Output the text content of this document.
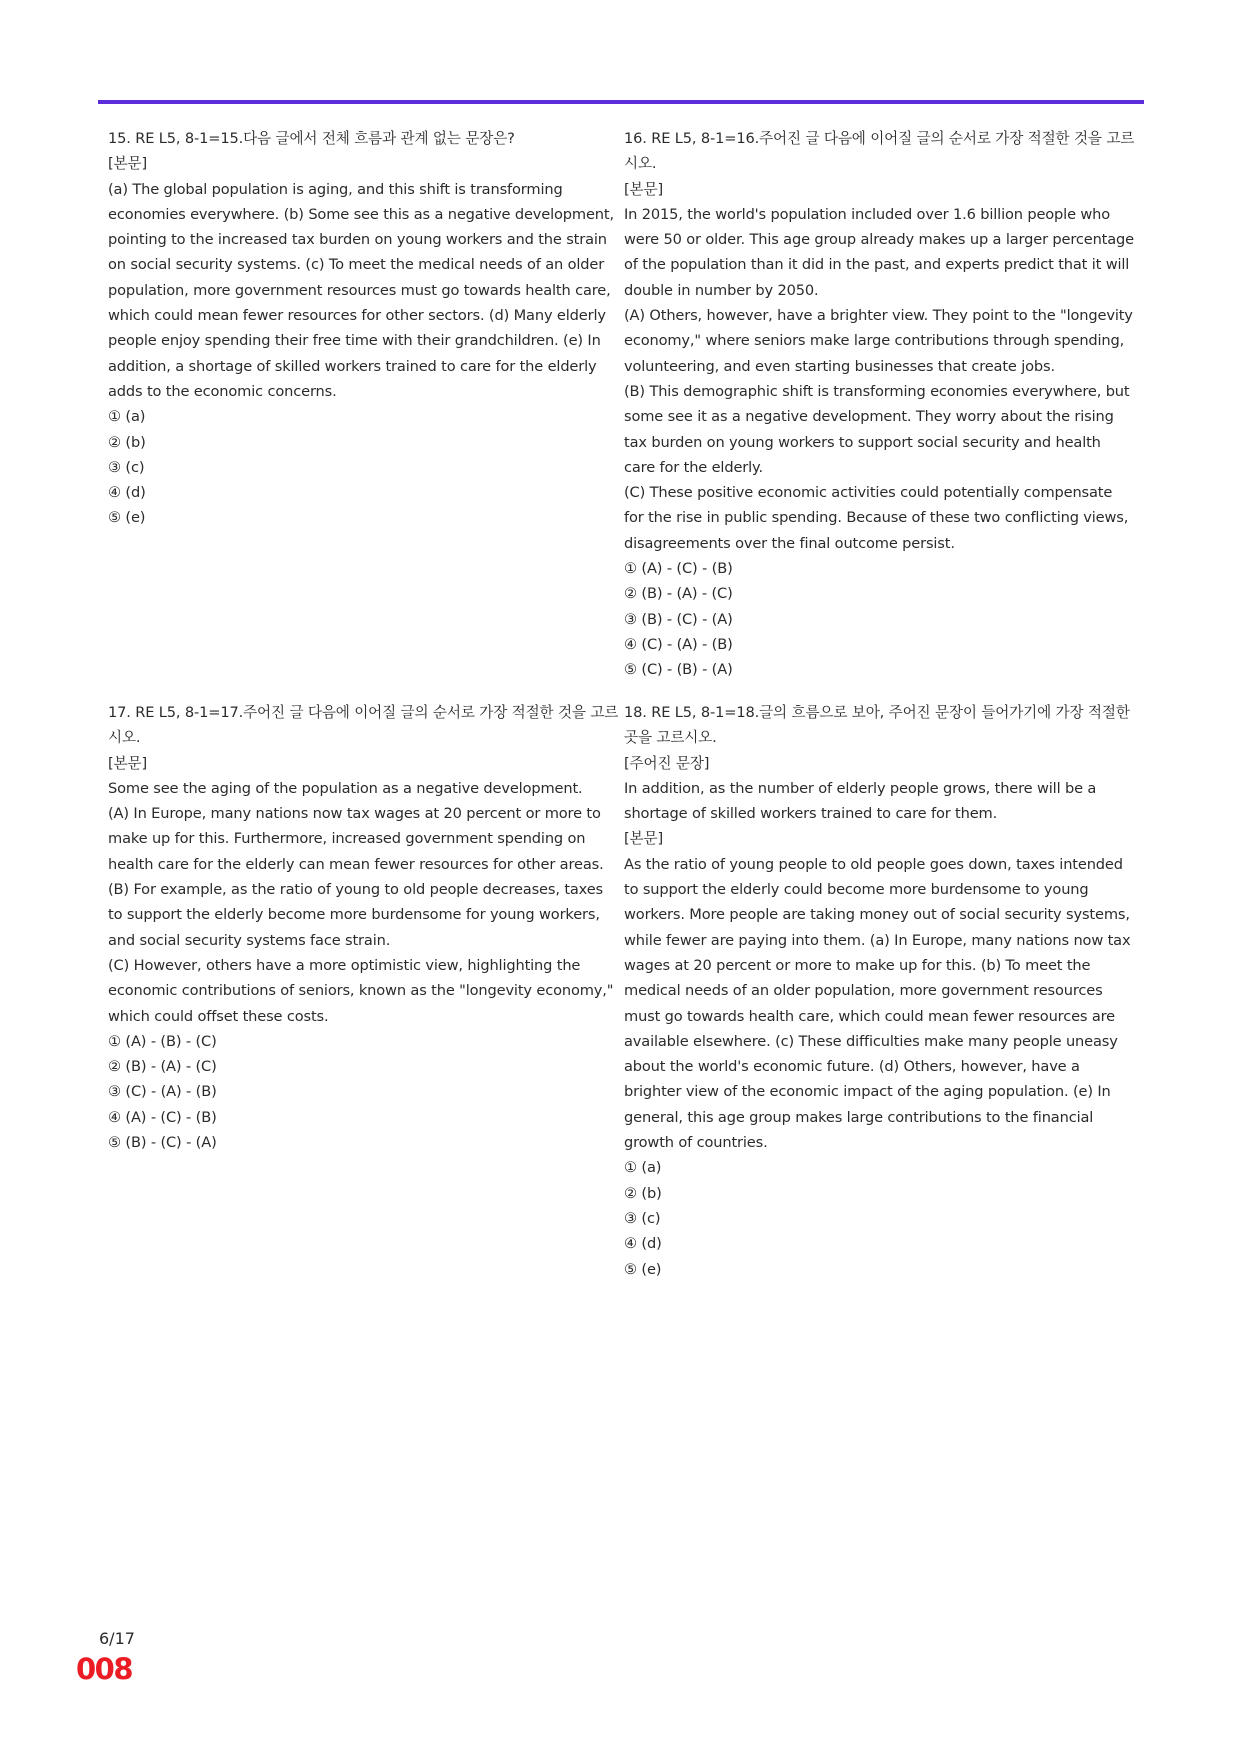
15. RE L5, 8-1=15.다음 글에서 전체 흐름과 관계 없는 문장은?

[본문]

(a) The global population is aging, and this shift is transforming economies everywhere. (b) Some see this as a negative development, pointing to the increased tax burden on young workers and the strain on social security systems. (c) To meet the medical needs of an older population, more government resources must go towards health care, which could mean fewer resources for other sectors. (d) Many elderly people enjoy spending their free time with their grandchildren. (e) In addition, a shortage of skilled workers trained to care for the elderly adds to the economic concerns.

① (a)
② (b)
③ (c)
④ (d)
⑤ (e)

16. RE L5, 8-1=16.주어진 글 다음에 이어질 글의 순서로 가장 적절한 것을 고르시오.

[본문]

In 2015, the world's population included over 1.6 billion people who were 50 or older. This age group already makes up a larger percentage of the population than it did in the past, and experts predict that it will double in number by 2050.

(A) Others, however, have a brighter view. They point to the "longevity economy," where seniors make large contributions through spending, volunteering, and even starting businesses that create jobs.

(B) This demographic shift is transforming economies everywhere, but some see it as a negative development. They worry about the rising tax burden on young workers to support social security and health care for the elderly.

(C) These positive economic activities could potentially compensate for the rise in public spending. Because of these two conflicting views, disagreements over the final outcome persist.

① (A) - (C) - (B)
② (B) - (A) - (C)
③ (B) - (C) - (A)
④ (C) - (A) - (B)
⑤ (C) - (B) - (A)

17. RE L5, 8-1=17.주어진 글 다음에 이어질 글의 순서로 가장 적절한 것을 고르시오.

[본문]

Some see the aging of the population as a negative development.

(A) In Europe, many nations now tax wages at 20 percent or more to make up for this. Furthermore, increased government spending on health care for the elderly can mean fewer resources for other areas.

(B) For example, as the ratio of young to old people decreases, taxes to support the elderly become more burdensome for young workers, and social security systems face strain.

(C) However, others have a more optimistic view, highlighting the economic contributions of seniors, known as the "longevity economy," which could offset these costs.

① (A) - (B) - (C)
② (B) - (A) - (C)
③ (C) - (A) - (B)
④ (A) - (C) - (B)
⑤ (B) - (C) - (A)

18. RE L5, 8-1=18.글의 흐름으로 보아, 주어진 문장이 들어가기에 가장 적절한 곳을 고르시오.

[주어진 문장]

In addition, as the number of elderly people grows, there will be a shortage of skilled workers trained to care for them.

[본문]

As the ratio of young people to old people goes down, taxes intended to support the elderly could become more burdensome to young workers. More people are taking money out of social security systems, while fewer are paying into them. (a) In Europe, many nations now tax wages at 20 percent or more to make up for this. (b) To meet the medical needs of an older population, more government resources must go towards health care, which could mean fewer resources are available elsewhere. (c) These difficulties make many people uneasy about the world's economic future. (d) Others, however, have a brighter view of the economic impact of the aging population. (e) In general, this age group makes large contributions to the financial growth of countries.

① (a)
② (b)
③ (c)
④ (d)
⑤ (e)
6/17
008
